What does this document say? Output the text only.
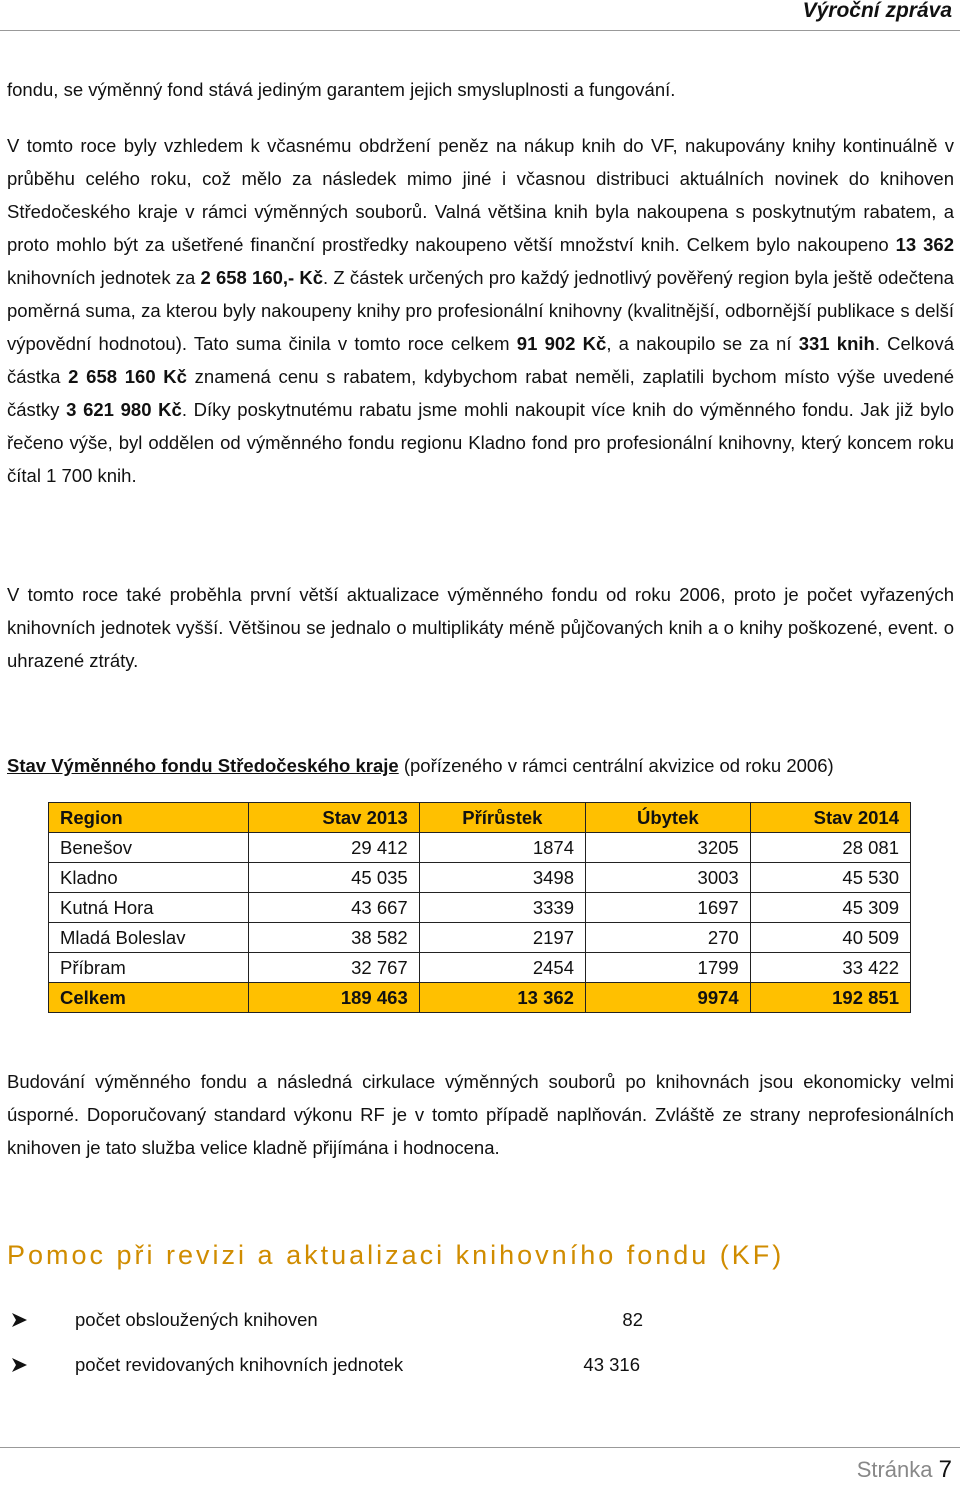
Výroční zpráva

fondu, se výměnný fond stává jediným garantem jejich smysluplnosti a fungování.

V tomto roce byly vzhledem k včasnému obdržení peněz na nákup knih do VF, nakupovány knihy kontinuálně v průběhu celého roku, což mělo za následek mimo jiné i včasnou distribuci aktuálních novinek do knihoven Středočeského kraje v rámci výměnných souborů. Valná většina knih byla nakoupena s poskytnutým rabatem, a proto mohlo být za ušetřené finanční prostředky nakoupeno větší množství knih. Celkem bylo nakoupeno 13 362 knihovních jednotek za 2 658 160,- Kč. Z částek určených pro každý jednotlivý pověřený region byla ještě odečtena poměrná suma, za kterou byly nakoupeny knihy pro profesionální knihovny (kvalitnější, odbornější publikace s delší výpovědní hodnotou). Tato suma činila v tomto roce celkem 91 902 Kč, a nakoupilo se za ní 331 knih. Celková částka 2 658 160 Kč znamená cenu s rabatem, kdybychom rabat neměli, zaplatili bychom místo výše uvedené částky 3 621 980 Kč. Díky poskytnutému rabatu jsme mohli nakoupit více knih do výměnného fondu. Jak již bylo řečeno výše, byl oddělen od výměnného fondu regionu Kladno fond pro profesionální knihovny, který koncem roku čítal 1 700 knih.

V tomto roce také proběhla první větší aktualizace výměnného fondu od roku 2006, proto je počet vyřazených knihovních jednotek vyšší. Většinou se jednalo o multiplikáty méně půjčovaných knih a o knihy poškozené, event. o uhrazené ztráty.

Stav Výměnného fondu Středočeského kraje (pořízeného v rámci centrální akvizice od roku 2006)
Region	Stav 2013	Přírůstek	Úbytek	Stav 2014
Benešov	29 412	1874	3205	28 081
Kladno	45 035	3498	3003	45 530
Kutná Hora	43 667	3339	1697	45 309
Mladá Boleslav	38 582	2197	270	40 509
Příbram	32 767	2454	1799	33 422
Celkem	189 463	13 362	9974	192 851

Budování výměnného fondu a následná cirkulace výměnných souborů po knihovnách jsou ekonomicky velmi úsporné. Doporučovaný standard výkonu RF je v tomto případě naplňován. Zvláště ze strany neprofesionálních knihoven je tato služba velice kladně přijímána i hodnocena.

Pomoc při revizi a aktualizaci knihovního fondu (KF)
počet obsloužených knihoven	82
počet revidovaných knihovních jednotek	43 316
Stránka 7
